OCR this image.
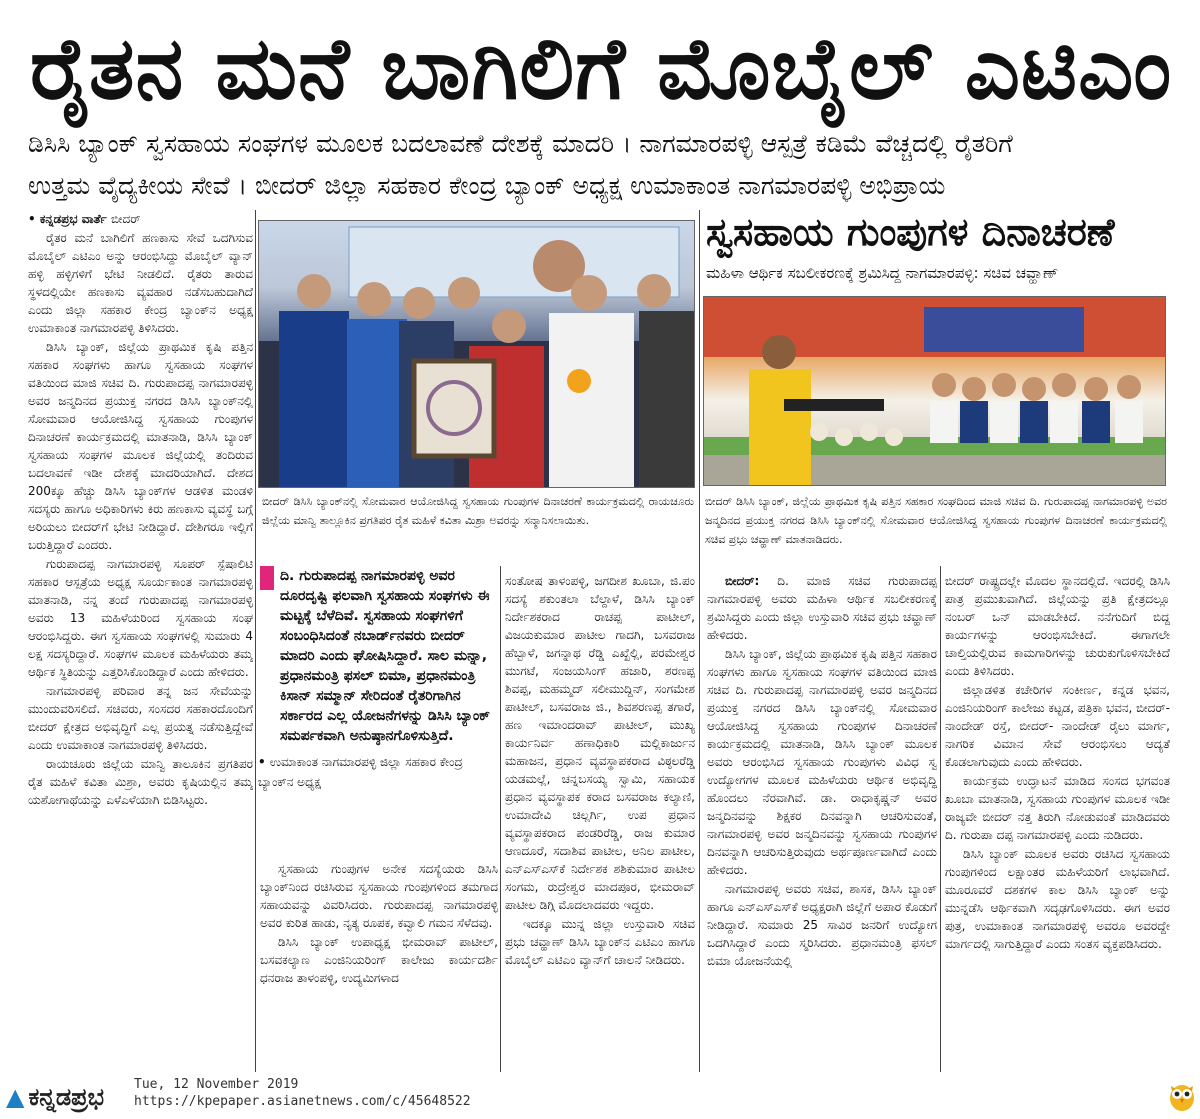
ರೈತನ ಮನೆ ಬಾಗಿಲಿಗೆ ಮೊಬೈಲ್ ಎಟಿಎಂ
ಡಿಸಿಸಿ ಬ್ಯಾಂಕ್ ಸ್ವಸಹಾಯ ಸಂಘಗಳ ಮೂಲಕ ಬದಲಾವಣೆ ದೇಶಕ್ಕೆ ಮಾದರಿ । ನಾಗಮಾರಪಳ್ಳಿ ಆಸ್ಪತ್ರೆ ಕಡಿಮೆ ವೆಚ್ಚದಲ್ಲಿ ರೈತರಿಗೆ
ಉತ್ತಮ ವೈದ್ಯಕೀಯ ಸೇವೆ । ಬೀದರ್ ಜಿಲ್ಲಾ ಸಹಕಾರ ಕೇಂದ್ರ ಬ್ಯಾಂಕ್ ಅಧ್ಯಕ್ಷ ಉಮಾಕಾಂತ ನಾಗಮಾರಪಳ್ಳಿ ಅಭಿಪ್ರಾಯ

• ಕನ್ನಡಪ್ರಭ ವಾರ್ತೆ ಬೀದರ್

ರೈತರ ಮನೆ ಬಾಗಿಲಿಗೆ ಹಣಕಾಸು ಸೇವೆ ಒದಗಿಸುವ ಮೊಬೈಲ್ ಎಟಿಎಂ ಅನ್ನು ಆರಂಭಿಸಿದ್ದು ಮೊಬೈಲ್ ವ್ಯಾನ್ ಹಳ್ಳಿ ಹಳ್ಳಿಗಳಿಗೆ ಭೇಟಿ ನೀಡಲಿದೆ. ರೈತರು ತಾರುವ ಸ್ಥಳದಲ್ಲಿಯೇ ಹಣಕಾಸು ವ್ಯವಹಾರ ನಡೆಸಬಹುದಾಗಿದೆ ಎಂದು ಜಿಲ್ಲಾ ಸಹಕಾರ ಕೇಂದ್ರ ಬ್ಯಾಂಕ್‌ನ ಅಧ್ಯಕ್ಷ ಉಮಾಕಾಂತ ನಾಗಮಾರಪಳ್ಳಿ ತಿಳಿಸಿದರು.

ಡಿಸಿಸಿ ಬ್ಯಾಂಕ್, ಜಿಲ್ಲೆಯ ಪ್ರಾಥಮಿಕ ಕೃಷಿ ಪತ್ತಿನ ಸಹಕಾರ ಸಂಘಗಳು ಹಾಗೂ ಸ್ವಸಹಾಯ ಸಂಘಗಳ ವತಿಯಿಂದ ಮಾಜಿ ಸಚಿವ ದಿ. ಗುರುಪಾದಪ್ಪ ನಾಗಮಾರಪಳ್ಳಿ ಅವರ ಜನ್ಮದಿನದ ಪ್ರಯುಕ್ತ ನಗರದ ಡಿಸಿಸಿ ಬ್ಯಾಂಕ್‌ನಲ್ಲಿ ಸೋಮವಾರ ಆಯೋಜಿಸಿದ್ದ ಸ್ವಸಹಾಯ ಗುಂಪುಗಳ ದಿನಾಚರಣೆ ಕಾರ್ಯಕ್ರಮದಲ್ಲಿ ಮಾತನಾಡಿ, ಡಿಸಿಸಿ ಬ್ಯಾಂಕ್ ಸ್ವಸಹಾಯ ಸಂಘಗಳ ಮೂಲಕ ಜಿಲ್ಲೆಯಲ್ಲಿ ತಂದಿರುವ ಬದಲಾವಣೆ ಇಡೀ ದೇಶಕ್ಕೆ ಮಾದರಿಯಾಗಿದೆ. ದೇಶದ 200ಕ್ಕೂ ಹೆಚ್ಚು ಡಿಸಿಸಿ ಬ್ಯಾಂಕ್‌ಗಳ ಆಡಳಿತ ಮಂಡಳಿ ಸದಸ್ಯರು ಹಾಗೂ ಅಧಿಕಾರಿಗಳು ಕಿರು ಹಣಕಾಸು ವ್ಯವಸ್ಥೆ ಬಗ್ಗೆ ಅರಿಯಲು ಬೀದರ್‌ಗೆ ಭೇಟಿ ನೀಡಿದ್ದಾರೆ. ದೇಶಿಗರೂ ಇಲ್ಲಿಗೆ ಬರುತ್ತಿದ್ದಾರೆ ಎಂದರು.

ಗುರುಪಾದಪ್ಪ ನಾಗಮಾರಪಳ್ಳಿ ಸೂಪರ್ ಸ್ಪೆಷಾಲಿಟಿ ಸಹಕಾರ ಆಸ್ಪತ್ರೆಯ ಅಧ್ಯಕ್ಷ ಸೂರ್ಯಕಾಂತ ನಾಗಮಾರಪಳ್ಳಿ ಮಾತನಾಡಿ, ನನ್ನ ತಂದೆ ಗುರುಪಾದಪ್ಪ ನಾಗಮಾರಪಳ್ಳಿ ಅವರು 13 ಮಹಿಳೆಯರಿಂದ ಸ್ವಸಹಾಯ ಸಂಘ ಆರಂಭಿಸಿದ್ದರು. ಈಗ ಸ್ವಸಹಾಯ ಸಂಘಗಳಲ್ಲಿ ಸುಮಾರು 4 ಲಕ್ಷ ಸದಸ್ಯರಿದ್ದಾರೆ. ಸಂಘಗಳ ಮೂಲಕ ಮಹಿಳೆಯರು ತಮ್ಮ ಆರ್ಥಿಕ ಸ್ಥಿತಿಯನ್ನು ಎತ್ತರಿಸಿಕೊಂಡಿದ್ದಾರೆ ಎಂದು ಹೇಳಿದರು.

ನಾಗಮಾರಪಳ್ಳಿ ಪರಿವಾರ ತನ್ನ ಜನ ಸೇವೆಯನ್ನು ಮುಂದುವರಿಸಲಿದೆ. ಸಚಿವರು, ಸಂಸದರ ಸಹಕಾರದೊಂದಿಗೆ ಬೀದರ್ ಕ್ಷೇತ್ರದ ಅಭಿವೃದ್ಧಿಗೆ ಎಲ್ಲ ಪ್ರಯತ್ನ ನಡೆಸುತ್ತಿದ್ದೇವೆ ಎಂದು ಉಮಾಕಾಂತ ನಾಗಮಾರಪಳ್ಳಿ ತಿಳಿಸಿದರು.

ರಾಯಚೂರು ಜಿಲ್ಲೆಯ ಮಾನ್ವಿ ತಾಲೂಕಿನ ಪ್ರಗತಿಪರ ರೈತ ಮಹಿಳೆ ಕವಿತಾ ಮಿಶ್ರಾ, ಅವರು ಕೃಷಿಯಲ್ಲಿನ ತಮ್ಮ ಯಶೋಗಾಥೆಯನ್ನು ಎಳೆಎಳೆಯಾಗಿ ಬಿಡಿಸಿಟ್ಟರು.

ಬೀದರ್ ಡಿಸಿಸಿ ಬ್ಯಾಂಕ್‌ನಲ್ಲಿ ಸೋಮವಾರ ಆಯೋಜಿಸಿದ್ದ ಸ್ವಸಹಾಯ ಗುಂಪುಗಳ ದಿನಾಚರಣೆ ಕಾರ್ಯಕ್ರಮದಲ್ಲಿ ರಾಯಚೂರು ಜಿಲ್ಲೆಯ ಮಾನ್ವಿ ತಾಲ್ಲೂಕಿನ ಪ್ರಗತಿಪರ ರೈತ ಮಹಿಳೆ ಕವಿತಾ ಮಿಶ್ರಾ ಅವರನ್ನು ಸನ್ಮಾನಿಸಲಾಯಿತು.
ಸ್ವಸಹಾಯ ಗುಂಪುಗಳ ದಿನಾಚರಣೆ
ಮಹಿಳಾ ಆರ್ಥಿಕ ಸಬಲೀಕರಣಕ್ಕೆ ಶ್ರಮಿಸಿದ್ದ ನಾಗಮಾರಪಳ್ಳಿ: ಸಚಿವ ಚವ್ಹಾಣ್
ಬೀದರ್ ಡಿಸಿಸಿ ಬ್ಯಾಂಕ್, ಜಿಲ್ಲೆಯ ಪ್ರಾಥಮಿಕ ಕೃಷಿ ಪತ್ತಿನ ಸಹಕಾರ ಸಂಘದಿಂದ ಮಾಜಿ ಸಚಿವ ದಿ. ಗುರುಪಾದಪ್ಪ ನಾಗಮಾರಪಳ್ಳಿ ಅವರ ಜನ್ಮದಿನದ ಪ್ರಯುಕ್ತ ನಗರದ ಡಿಸಿಸಿ ಬ್ಯಾಂಕ್‌ನಲ್ಲಿ ಸೋಮವಾರ ಆಯೋಜಿಸಿದ್ದ ಸ್ವಸಹಾಯ ಗುಂಪುಗಳ ದಿನಾಚರಣೆ ಕಾರ್ಯಕ್ರಮದಲ್ಲಿ ಸಚಿವ ಪ್ರಭು ಚವ್ಹಾಣ್ ಮಾತನಾಡಿದರು.
ದಿ. ಗುರುಪಾದಪ್ಪ ನಾಗಮಾರಪಳ್ಳಿ ಅವರ ದೂರದೃಷ್ಟಿ ಫಲವಾಗಿ ಸ್ವಸಹಾಯ ಸಂಘಗಳು ಈ ಮಟ್ಟಕ್ಕೆ ಬೆಳೆದಿವೆ. ಸ್ವಸಹಾಯ ಸಂಘಗಳಿಗೆ ಸಂಬಂಧಿಸಿದಂತೆ ನಬಾರ್ಡ್‌ನವರು ಬೀದರ್ ಮಾದರಿ ಎಂದು ಘೋಷಿಸಿದ್ದಾರೆ. ಸಾಲ ಮನ್ನಾ, ಪ್ರಧಾನಮಂತ್ರಿ ಫಸಲ್ ಬಿಮಾ, ಪ್ರಧಾನಮಂತ್ರಿ ಕಿಸಾನ್ ಸಮ್ಮಾನ್ ಸೇರಿದಂತೆ ರೈತರಿಗಾಗಿನ ಸರ್ಕಾರದ ಎಲ್ಲ ಯೋಜನೆಗಳನ್ನು ಡಿಸಿಸಿ ಬ್ಯಾಂಕ್ ಸಮರ್ಪಕವಾಗಿ ಅನುಷ್ಠಾನಗೊಳಿಸುತ್ತಿದೆ.
• ಉಮಾಕಾಂತ ನಾಗಮಾರಪಳ್ಳಿ ಜಿಲ್ಲಾ ಸಹಕಾರ ಕೇಂದ್ರ ಬ್ಯಾಂಕ್‌ನ ಅಧ್ಯಕ್ಷ

ಸ್ವಸಹಾಯ ಗುಂಪುಗಳ ಅನೇಕ ಸದಸ್ಯೆಯರು ಡಿಸಿಸಿ ಬ್ಯಾಂಕ್‌ನಿಂದ ರಚಿಸಿರುವ ಸ್ವಸಹಾಯ ಗುಂಪುಗಳಿಂದ ತಮಗಾದ ಸಹಾಯವನ್ನು ವಿವರಿಸಿದರು. ಗುರುಪಾದಪ್ಪ ನಾಗಮಾರಪಳ್ಳಿ ಅವರ ಕುರಿತ ಹಾಡು, ನೃತ್ಯ ರೂಪಕ, ಕವ್ವಾಲಿ ಗಮನ ಸೆಳೆದವು.

ಡಿಸಿಸಿ ಬ್ಯಾಂಕ್ ಉಪಾಧ್ಯಕ್ಷ ಭೀಮರಾವ್ ಪಾಟೀಲ್, ಬಸವಕಲ್ಯಾಣ ಎಂಜಿನಿಯರಿಂಗ್ ಕಾಲೇಜು ಕಾರ್ಯದರ್ಶಿ ಧನರಾಜ ತಾಳಂಪಳ್ಳಿ, ಉದ್ಯಮಿಗಳಾದ

ಸಂತೋಷ ತಾಳಂಪಳ್ಳಿ, ಜಗದೀಶ ಖೂಬಾ, ಜಿ.ಪಂ ಸದಸ್ಯೆ ಶಕುಂತಲಾ ಬೆಲ್ದಾಳೆ, ಡಿಸಿಸಿ ಬ್ಯಾಂಕ್ ನಿರ್ದೇಶಕರಾದ ರಾಚಪ್ಪ ಪಾಟೀಲ್, ವಿಜಯಕುಮಾರ ಪಾಟೀಲ ಗಾದಗಿ, ಬಸವರಾಜ ಹೆಬ್ಬಾಳೆ, ಜಗನ್ನಾಥ ರೆಡ್ಡಿ ಎಖ್ಖೆಲ್ಲಿ, ಪರಮೇಶ್ವರ ಮುಗಟೆ, ಸಂಜಯಸಿಂಗ್ ಹಜಾರಿ, ಶರಣಪ್ಪ ಶಿವಪ್ಪ, ಮಹಮ್ಮದ್ ಸಲೀಮುದ್ದಿನ್, ಸಂಗಮೇಶ ಪಾಟೀಲ್, ಬಸವರಾಜ ಜಿ., ಶಿವಶರಣಪ್ಪ ತಗಾರೆ, ಹಣ ಇಮಾಂದರಾವ್ ಪಾಟೀಲ್, ಮುಖ್ಯ ಕಾರ್ಯನಿರ್ವ ಹಣಾಧಿಕಾರಿ ಮಲ್ಲಿಕಾರ್ಜುನ ಮಹಾಜನ, ಪ್ರಧಾನ ವ್ಯವಸ್ಥಾಪಕರಾದ ವಿಠ್ಠಲರೆಡ್ಡಿ ಯಡಮಲ್ಲೆ, ಚನ್ನಬಸಯ್ಯ ಸ್ವಾಮಿ, ಸಹಾಯಕ ಪ್ರಧಾನ ವ್ಯವಸ್ಥಾಪಕ ಕರಾದ ಬಸವರಾಜ ಕಲ್ಯಾಣಿ, ಉಮಾದೇವಿ ಚಿಲ್ಲರ್ಗಿ, ಉಪ ಪ್ರಧಾನ ವ್ಯವಸ್ಥಾಪಕರಾದ ಪಂಡರಿರೆಡ್ಡಿ, ರಾಜ ಕುಮಾರ ಆಣದೂರೆ, ಸದಾಶಿವ ಪಾಟೀಲ, ಅನಿಲ ಪಾಟೀಲ, ಎನ್‌ಎಸ್‌ಎಸ್‌ಕೆ ನಿರ್ದೇಶಕ ಶಶಿಕುಮಾರ ಪಾಟೀಲ ಸಂಗಮ, ರುದ್ರೇಶ್ವರ ಮಾದಪೂರ, ಭೀಮರಾವ್ ಪಾಟೀಲ ಡಿಗ್ಗಿ ಮೊದಲಾದವರು ಇದ್ದರು.

ಇದಕ್ಕೂ ಮುನ್ನ ಜಿಲ್ಲಾ ಉಸ್ತುವಾರಿ ಸಚಿವ ಪ್ರಭು ಚವ್ಹಾಣ್ ಡಿಸಿಸಿ ಬ್ಯಾಂಕ್‌ನ ಎಟಿಎಂ ಹಾಗೂ ಮೊಬೈಲ್ ಎಟಿಎಂ ವ್ಯಾನ್‌ಗೆ ಚಾಲನೆ ನೀಡಿದರು.

ಬೀದರ್: ದಿ. ಮಾಜಿ ಸಚಿವ ಗುರುಪಾದಪ್ಪ ನಾಗಮಾರಪಳ್ಳಿ ಅವರು ಮಹಿಳಾ ಆರ್ಥಿಕ ಸಬಲೀಕರಣಕ್ಕೆ ಶ್ರಮಿಸಿದ್ದರು ಎಂದು ಜಿಲ್ಲಾ ಉಸ್ತುವಾರಿ ಸಚಿವ ಪ್ರಭು ಚವ್ಹಾಣ್ ಹೇಳಿದರು.

ಡಿಸಿಸಿ ಬ್ಯಾಂಕ್, ಜಿಲ್ಲೆಯ ಪ್ರಾಥಮಿಕ ಕೃಷಿ ಪತ್ತಿನ ಸಹಕಾರ ಸಂಘಗಳು ಹಾಗೂ ಸ್ವಸಹಾಯ ಸಂಘಗಳ ವತಿಯಿಂದ ಮಾಜಿ ಸಚಿವ ದಿ. ಗುರುಪಾದಪ್ಪ ನಾಗಮಾರಪಳ್ಳಿ ಅವರ ಜನ್ಮದಿನದ ಪ್ರಯುಕ್ತ ನಗರದ ಡಿಸಿಸಿ ಬ್ಯಾಂಕ್‌ನಲ್ಲಿ ಸೋಮವಾರ ಆಯೋಜಿಸಿದ್ದ ಸ್ವಸಹಾಯ ಗುಂಪುಗಳ ದಿನಾಚರಣೆ ಕಾರ್ಯಕ್ರಮದಲ್ಲಿ ಮಾತನಾಡಿ, ಡಿಸಿಸಿ ಬ್ಯಾಂಕ್ ಮೂಲಕ ಅವರು ಆರಂಭಿಸಿದ ಸ್ವಸಹಾಯ ಗುಂಪುಗಳು ವಿವಿಧ ಸ್ವ ಉದ್ಯೋಗಗಳ ಮೂಲಕ ಮಹಿಳೆಯರು ಆರ್ಥಿಕ ಅಭಿವೃದ್ಧಿ ಹೊಂದಲು ನೆರವಾಗಿವೆ. ಡಾ. ರಾಧಾಕೃಷ್ಣನ್ ಅವರ ಜನ್ಮದಿನವನ್ನು ಶಿಕ್ಷಕರ ದಿನವನ್ನಾಗಿ ಆಚರಿಸುವಂತೆ, ನಾಗಮಾರಪಳ್ಳಿ ಅವರ ಜನ್ಮದಿನವನ್ನು ಸ್ವಸಹಾಯ ಗುಂಪುಗಳ ದಿನವನ್ನಾಗಿ ಆಚರಿಸುತ್ತಿರುವುದು ಅರ್ಥಪೂರ್ಣವಾಗಿದೆ ಎಂದು ಹೇಳಿದರು.

ನಾಗಮಾರಪಳ್ಳಿ ಅವರು ಸಚಿವ, ಶಾಸಕ, ಡಿಸಿಸಿ ಬ್ಯಾಂಕ್ ಹಾಗೂ ಎನ್‌ಎಸ್‌ಎಸ್‌ಕೆ ಅಧ್ಯಕ್ಷರಾಗಿ ಜಿಲ್ಲೆಗೆ ಅಪಾರ ಕೊಡುಗೆ ನೀಡಿದ್ದಾರೆ. ಸುಮಾರು 25 ಸಾವಿರ ಜನರಿಗೆ ಉದ್ಯೋಗ ಒದಗಿಸಿದ್ದಾರೆ ಎಂದು ಸ್ಮರಿಸಿದರು. ಪ್ರಧಾನಮಂತ್ರಿ ಫಸಲ್ ಬಿಮಾ ಯೋಜನೆಯಲ್ಲಿ

ಬೀದರ್ ರಾಷ್ಟ್ರದಲ್ಲೇ ಮೊದಲ ಸ್ಥಾನದಲ್ಲಿದೆ. ಇದರಲ್ಲಿ ಡಿಸಿಸಿ ಪಾತ್ರ ಪ್ರಮುಖವಾಗಿದೆ. ಜಿಲ್ಲೆಯನ್ನು ಪ್ರತಿ ಕ್ಷೇತ್ರದಲ್ಲೂ ನಂಬರ್ ಒನ್ ಮಾಡಬೇಕಿದೆ. ನನೆಗುದಿಗೆ ಬಿದ್ದ ಕಾರ್ಯಗಳನ್ನು ಆರಂಭಿಸಬೇಕಿದೆ. ಈಗಾಗಲೇ ಚಾಲ್ತಿಯಲ್ಲಿರುವ ಕಾಮಗಾರಿಗಳನ್ನು ಚುರುಕುಗೊಳಿಸಬೇಕಿದೆ ಎಂದು ತಿಳಿಸಿದರು.

ಜಿಲ್ಲಾಡಳಿತ ಕಚೇರಿಗಳ ಸಂಕೀರ್ಣ, ಕನ್ನಡ ಭವನ, ಎಂಜಿನಿಯರಿಂಗ್ ಕಾಲೇಜು ಕಟ್ಟಡ, ಪತ್ರಿಕಾ ಭವನ, ಬೀದರ್- ನಾಂದೇಡ್ ರಸ್ತೆ, ಬೀದರ್- ನಾಂದೇಡ್ ರೈಲು ಮಾರ್ಗ, ನಾಗರಿಕ ವಿಮಾನ ಸೇವೆ ಆರಂಭಿಸಲು ಆದ್ಯತೆ ಕೊಡಲಾಗುವುದು ಎಂದು ಹೇಳಿದರು.

ಕಾರ್ಯಕ್ರಮ ಉದ್ಘಾಟನೆ ಮಾಡಿದ ಸಂಸದ ಭಗವಂತ ಖೂಬಾ ಮಾತನಾಡಿ, ಸ್ವಸಹಾಯ ಗುಂಪುಗಳ ಮೂಲಕ ಇಡೀ ರಾಜ್ಯವೇ ಬೀದರ್ ನತ್ತ ತಿರುಗಿ ನೋಡುವಂತೆ ಮಾಡಿದವರು ದಿ. ಗುರುಪಾ ದಪ್ಪ ನಾಗಮಾರಪಳ್ಳಿ ಎಂದು ನುಡಿದರು.

ಡಿಸಿಸಿ ಬ್ಯಾಂಕ್ ಮೂಲಕ ಅವರು ರಚಿಸಿದ ಸ್ವಸಹಾಯ ಗುಂಪುಗಳಿಂದ ಲಕ್ಷಾಂತರ ಮಹಿಳೆಯರಿಗೆ ಲಾಭವಾಗಿದೆ. ಮೂರೂವರೆ ದಶಕಗಳ ಕಾಲ ಡಿಸಿಸಿ ಬ್ಯಾಂಕ್ ಅನ್ನು ಮುನ್ನಡೆಸಿ ಆರ್ಥಿಕವಾಗಿ ಸದೃಢಗೊಳಿಸಿದರು. ಈಗ ಅವರ ಪುತ್ರ, ಉಮಾಕಾಂತ ನಾಗಮಾರಪಳ್ಳಿ ಅವರೂ ಅವರದ್ದೇ ಮಾರ್ಗದಲ್ಲಿ ಸಾಗುತ್ತಿದ್ದಾರೆ ಎಂದು ಸಂತಸ ವ್ಯಕ್ತಪಡಿಸಿದರು.

▲ ಕನ್ನಡಪ್ರಭ Tue, 12 November 2019
https://kpepaper.asianetnews.com/c/45648522
